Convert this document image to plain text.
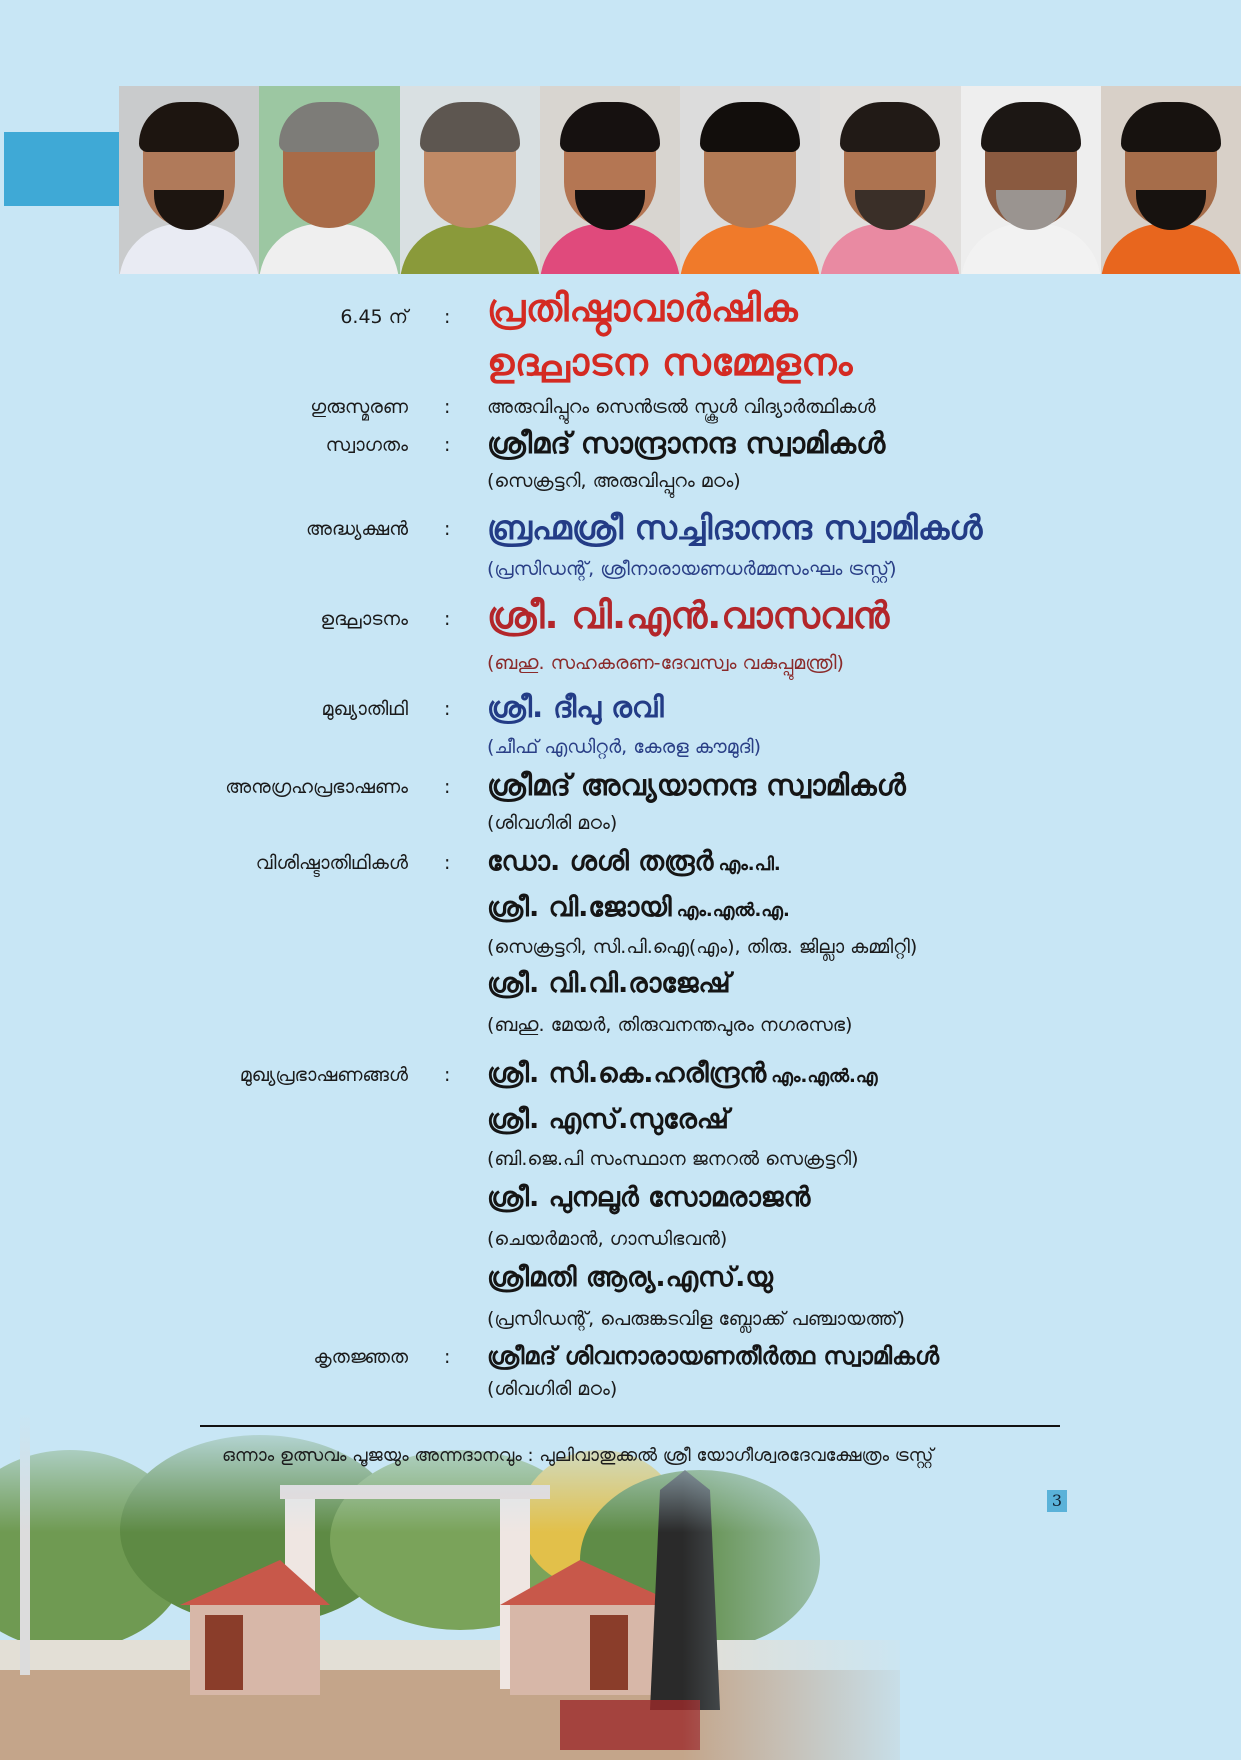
6.45 ന് : പ്രതിഷ്ഠാവാർഷിക
ഉദ്ഘാടന സമ്മേളനം
ഗുരുസ്മരണ : അരുവിപ്പുറം സെൻട്രൽ സ്കൂൾ വിദ്യാർത്ഥികൾ
സ്വാഗതം : ശ്രീമദ് സാന്ദ്രാനന്ദ സ്വാമികൾ
(സെക്രട്ടറി, അരുവിപ്പുറം മഠം)
അദ്ധ്യക്ഷൻ : ബ്രഹ്മശ്രീ സച്ചിദാനന്ദ സ്വാമികൾ
(പ്രസിഡന്റ്, ശ്രീനാരായണധർമ്മസംഘം ട്രസ്റ്റ്)
ഉദ്ഘാടനം : ശ്രീ. വി.എൻ.വാസവൻ
(ബഹു. സഹകരണ-ദേവസ്വം വകുപ്പുമന്ത്രി)
മുഖ്യാതിഥി : ശ്രീ. ദീപു രവി
(ചീഫ് എഡിറ്റർ, കേരള കൗമുദി)
അനുഗ്രഹപ്രഭാഷണം : ശ്രീമദ് അവ്യയാനന്ദ സ്വാമികൾ
(ശിവഗിരി മഠം)
വിശിഷ്ടാതിഥികൾ : ഡോ. ശശി തരൂർ എം.പി.
ശ്രീ. വി.ജോയി എം.എൽ.എ.
(സെക്രട്ടറി, സി.പി.ഐ(എം), തിരു. ജില്ലാ കമ്മിറ്റി)
ശ്രീ. വി.വി.രാജേഷ്
(ബഹു. മേയർ, തിരുവനന്തപുരം നഗരസഭ)
മുഖ്യപ്രഭാഷണങ്ങൾ : ശ്രീ. സി.കെ.ഹരീന്ദ്രൻ എം.എൽ.എ
ശ്രീ. എസ്.സുരേഷ്
(ബി.ജെ.പി സംസ്ഥാന ജനറൽ സെക്രട്ടറി)
ശ്രീ. പുനലൂർ സോമരാജൻ
(ചെയർമാൻ, ഗാന്ധിഭവൻ)
ശ്രീമതി ആര്യ.എസ്.യു
(പ്രസിഡന്റ്, പെരുങ്കടവിള ബ്ലോക്ക് പഞ്ചായത്ത്)
കൃതജ്ഞത : ശ്രീമദ് ശിവനാരായണതീർത്ഥ സ്വാമികൾ
(ശിവഗിരി മഠം)
ഒന്നാം ഉത്സവം പൂജയും അന്നദാനവും : പുലിവാതുക്കൽ ശ്രീ യോഗീശ്വരദേവക്ഷേത്രം ട്രസ്റ്റ്
3
